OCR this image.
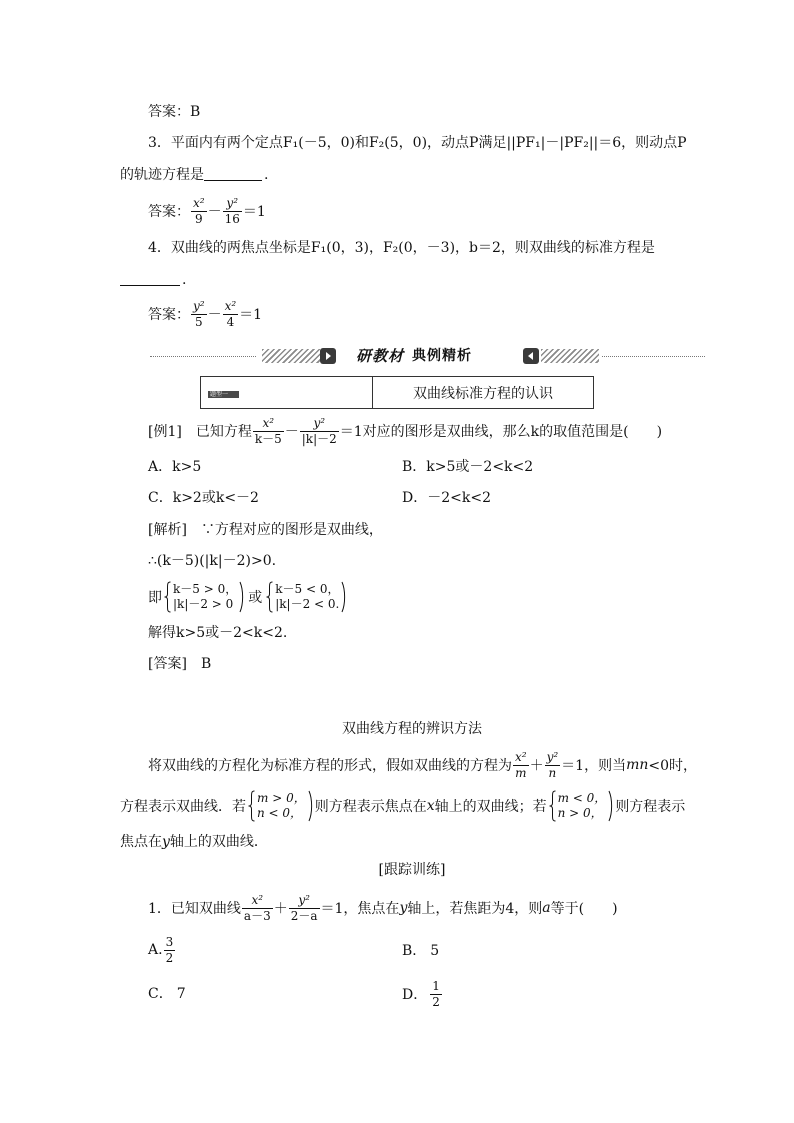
答案： B
3．平面内有两个定点F₁(－5，0)和F₂(5，0)，动点P满足||PF₁|－|PF₂||＝6，则动点P
的轨迹方程是	.
答案： $\frac{\text{x²}}{9} - \frac{\text{y²}}{16} =1$
4．双曲线的两焦点坐标是F₁(0，3)，F₂(0，－3)，b＝2，则双曲线的标准方程是
.
答案： $\frac{\text{y²}}{5} - \frac{\text{x²}}{4} =1$
研教材 典例精析
题型一	双曲线标准方程的认识
[例1] 已知方程 $\frac{\text{x²}}{k-5} - \frac{\text{y²}}{|k|-2} =1$对应的图形是双曲线，那么k的取值范围是(　　)
A．k>5	B．k>5或－2<k<2
C．k>2或k<－2	D．－2<k<2
[解析] ∵方程对应的图形是双曲线，
∴(k－5)(|k|－2)>0.
即
k－5 > 0，
|k|－2 > 0 或
k－5 < 0，
|k|－2 < 0.
解得k>5或－2<k<2.
[答案] B
双曲线方程的辨识方法
将双曲线的方程化为标准方程的形式，假如双曲线的方程为 $\frac{\text{x²}}{m} + \frac{\text{y²}}{n} =1$，则当 mn <0时，
方程表示双曲线．若
m > 0，
n < 0， 则方程表示焦点在 x 轴上的双曲线；若
m < 0，
n > 0， 则方程表示
焦点在 y 轴上的双曲线．
[跟踪训练]
1．已知双曲线 $\frac{\text{x²}}{a-3} + \frac{\text{y²}}{2-a} =1$，焦点在 y 轴上，若焦距为4，则 a 等于(　　)
A. $\frac{3}{2}$	B． 5
C． 7	D． $\frac{1}{2}$
